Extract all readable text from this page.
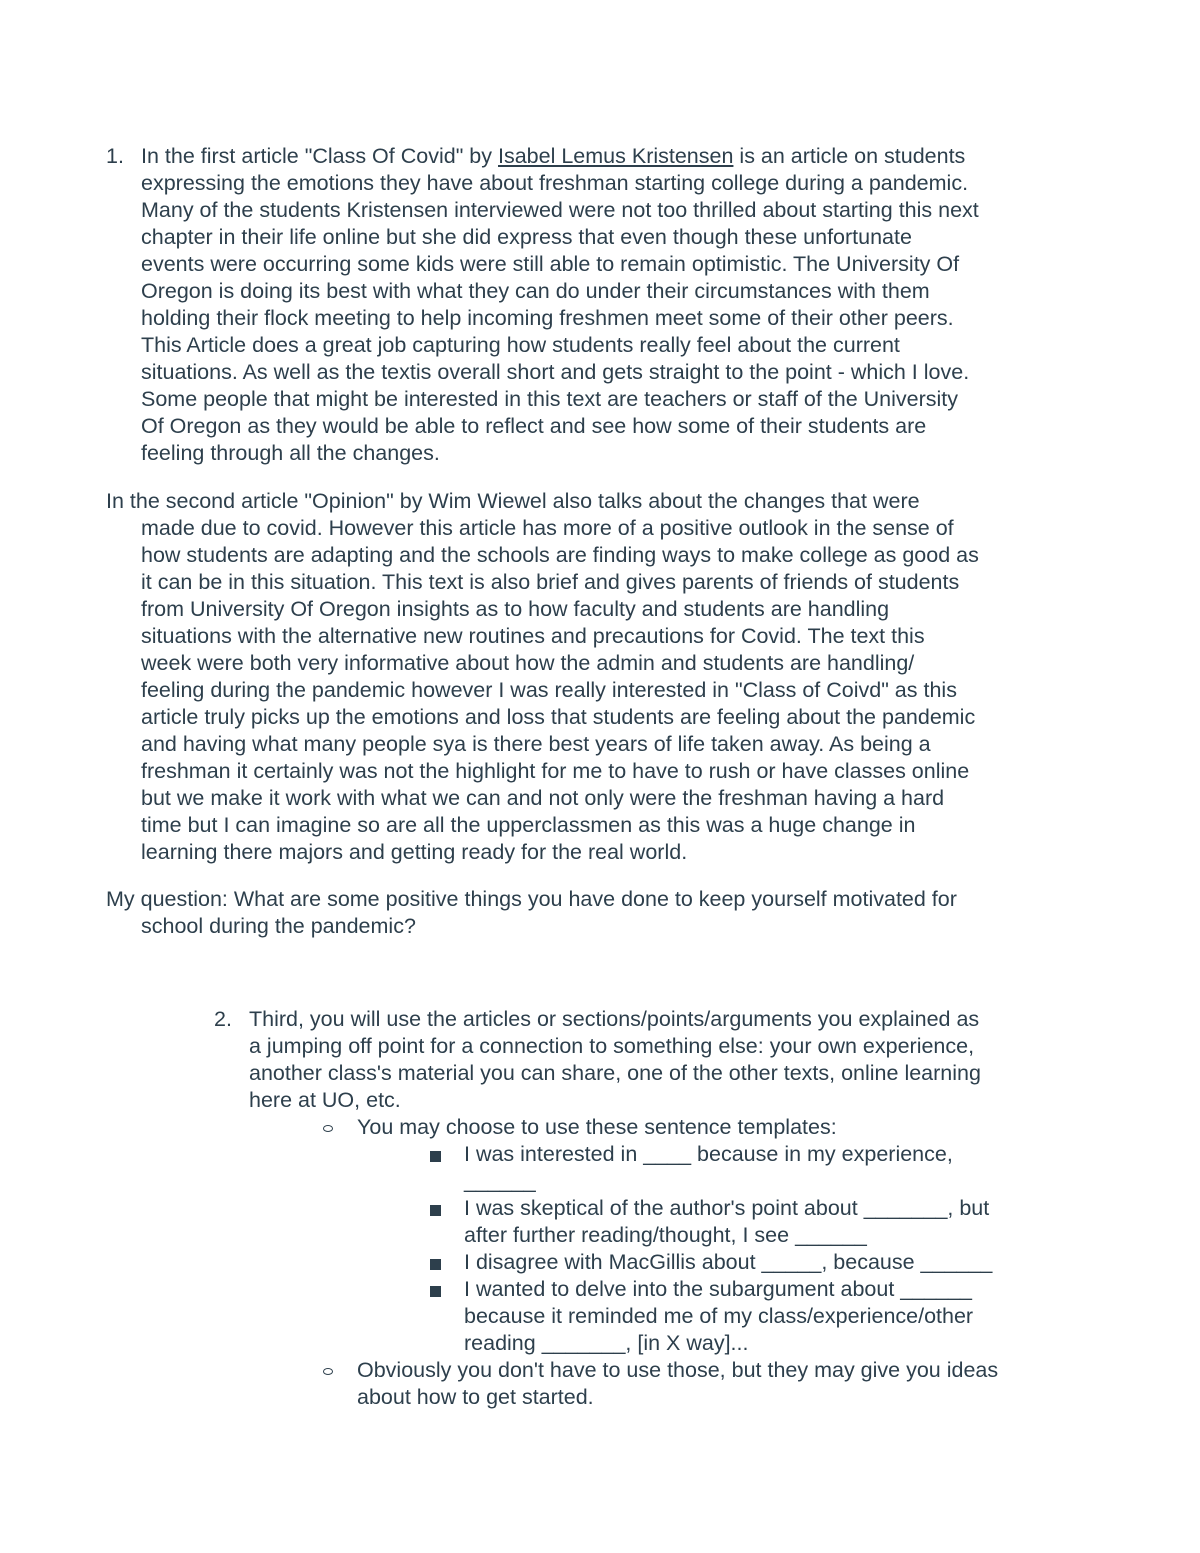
1. In the first article "Class Of Covid" by Isabel Lemus Kristensen is an article on students
expressing the emotions they have about freshman starting college during a pandemic.
Many of the students Kristensen interviewed were not too thrilled about starting this next
chapter in their life online but she did express that even though these unfortunate
events were occurring some kids were still able to remain optimistic. The University Of
Oregon is doing its best with what they can do under their circumstances with them
holding their flock meeting to help incoming freshmen meet some of their other peers.
This Article does a great job capturing how students really feel about the current
situations. As well as the textis overall short and gets straight to the point - which I love.
Some people that might be interested in this text are teachers or staff of the University
Of Oregon as they would be able to reflect and see how some of their students are
feeling through all the changes.
In the second article "Opinion" by Wim Wiewel also talks about the changes that were
made due to covid. However this article has more of a positive outlook in the sense of
how students are adapting and the schools are finding ways to make college as good as
it can be in this situation. This text is also brief and gives parents of friends of students
from University Of Oregon insights as to how faculty and students are handling
situations with the alternative new routines and precautions for Covid. The text this
week were both very informative about how the admin and students are handling/
feeling during the pandemic however I was really interested in "Class of Coivd" as this
article truly picks up the emotions and loss that students are feeling about the pandemic
and having what many people sya is there best years of life taken away. As being a
freshman it certainly was not the highlight for me to have to rush or have classes online
but we make it work with what we can and not only were the freshman having a hard
time but I can imagine so are all the upperclassmen as this was a huge change in
learning there majors and getting ready for the real world.
My question: What are some positive things you have done to keep yourself motivated for
school during the pandemic?
2. Third, you will use the articles or sections/points/arguments you explained as
a jumping off point for a connection to something else: your own experience,
another class's material you can share, one of the other texts, online learning
here at UO, etc.
You may choose to use these sentence templates:
I was interested in ____ because in my experience,
______
I was skeptical of the author's point about _______, but
after further reading/thought, I see ______
I disagree with MacGillis about _____, because ______
I wanted to delve into the subargument about ______
because it reminded me of my class/experience/other
reading _______, [in X way]...
Obviously you don't have to use those, but they may give you ideas
about how to get started.
